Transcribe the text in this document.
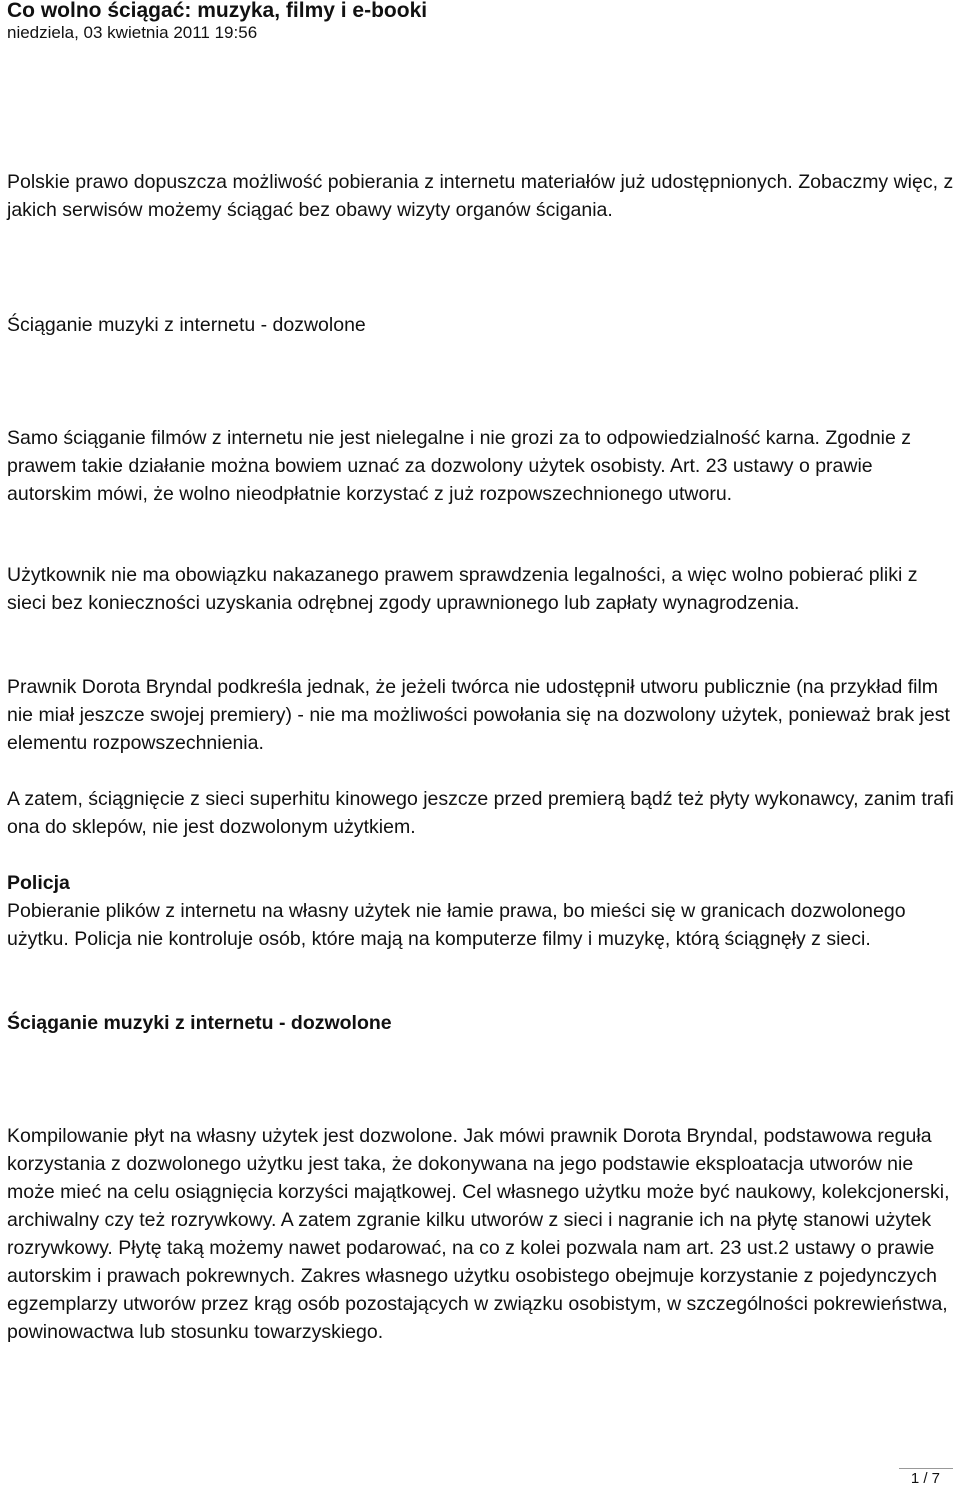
Co wolno ściągać: muzyka, filmy i e-booki
niedziela, 03 kwietnia 2011 19:56

Polskie prawo dopuszcza możliwość pobierania z internetu materiałów już udostępnionych. Zobaczmy więc, z jakich serwisów możemy ściągać bez obawy wizyty organów ścigania.

Ściąganie muzyki z internetu - dozwolone

Samo ściąganie filmów z internetu nie jest nielegalne i nie grozi za to odpowiedzialność karna. Zgodnie z prawem takie działanie można bowiem uznać za dozwolony użytek osobisty. Art. 23 ustawy o prawie autorskim mówi, że wolno nieodpłatnie korzystać z już rozpowszechnionego utworu.

Użytkownik nie ma obowiązku nakazanego prawem sprawdzenia legalności, a więc wolno pobierać pliki z sieci bez konieczności uzyskania odrębnej zgody uprawnionego lub zapłaty wynagrodzenia.

Prawnik Dorota Bryndal podkreśla jednak, że jeżeli twórca nie udostępnił utworu publicznie (na przykład film nie miał jeszcze swojej premiery) - nie ma możliwości powołania się na dozwolony użytek, ponieważ brak jest elementu rozpowszechnienia.

A zatem, ściągnięcie z sieci superhitu kinowego jeszcze przed premierą bądź też płyty wykonawcy, zanim trafi ona do sklepów, nie jest dozwolonym użytkiem.

Policja

Pobieranie plików z internetu na własny użytek nie łamie prawa, bo mieści się w granicach dozwolonego użytku. Policja nie kontroluje osób, które mają na komputerze filmy i muzykę, którą ściągnęły z sieci.

Ściąganie muzyki z internetu - dozwolone

Kompilowanie płyt na własny użytek jest dozwolone. Jak mówi prawnik Dorota Bryndal, podstawowa reguła korzystania z dozwolonego użytku jest taka, że dokonywana na jego podstawie eksploatacja utworów nie może mieć na celu osiągnięcia korzyści majątkowej. Cel własnego użytku może być naukowy, kolekcjonerski, archiwalny czy też rozrywkowy. A zatem zgranie kilku utworów z sieci i nagranie ich na płytę stanowi użytek rozrywkowy. Płytę taką możemy nawet podarować, na co z kolei pozwala nam art. 23 ust.2 ustawy o prawie autorskim i prawach pokrewnych. Zakres własnego użytku osobistego obejmuje korzystanie z pojedynczych egzemplarzy utworów przez krąg osób pozostających w związku osobistym, w szczególności pokrewieństwa, powinowactwa lub stosunku towarzyskiego.

1 / 7
